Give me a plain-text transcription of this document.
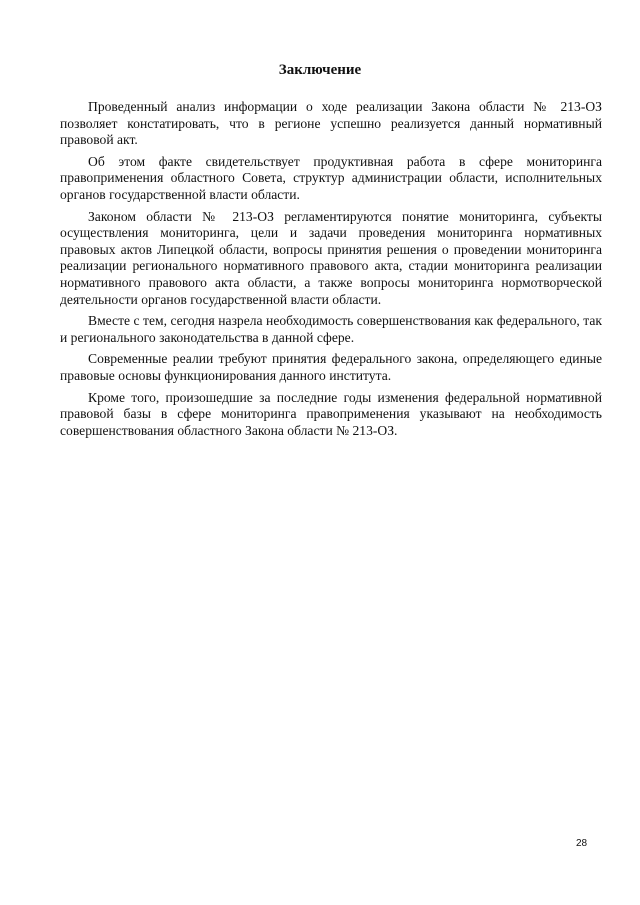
Заключение

Проведенный анализ информации о ходе реализации Закона области № 213-ОЗ позволяет констатировать, что в регионе успешно реализуется данный нормативный правовой акт.

Об этом факте свидетельствует продуктивная работа в сфере мониторинга правоприменения областного Совета, структур администрации области, исполнительных органов государственной власти области.

Законом области № 213-ОЗ регламентируются понятие мониторинга, субъекты осуществления мониторинга, цели и задачи проведения мониторинга нормативных правовых актов Липецкой области, вопросы принятия решения о проведении мониторинга реализации регионального нормативного правового акта, стадии мониторинга реализации нормативного правового акта области, а также вопросы мониторинга нормотворческой деятельности органов государственной власти области.

Вместе с тем, сегодня назрела необходимость совершенствования как федерального, так и регионального законодательства в данной сфере.

Современные реалии требуют принятия федерального закона, определяющего единые правовые основы функционирования данного института.

Кроме того, произошедшие за последние годы изменения федеральной нормативной правовой базы в сфере мониторинга правоприменения указывают на необходимость совершенствования областного Закона области № 213-ОЗ.

28
